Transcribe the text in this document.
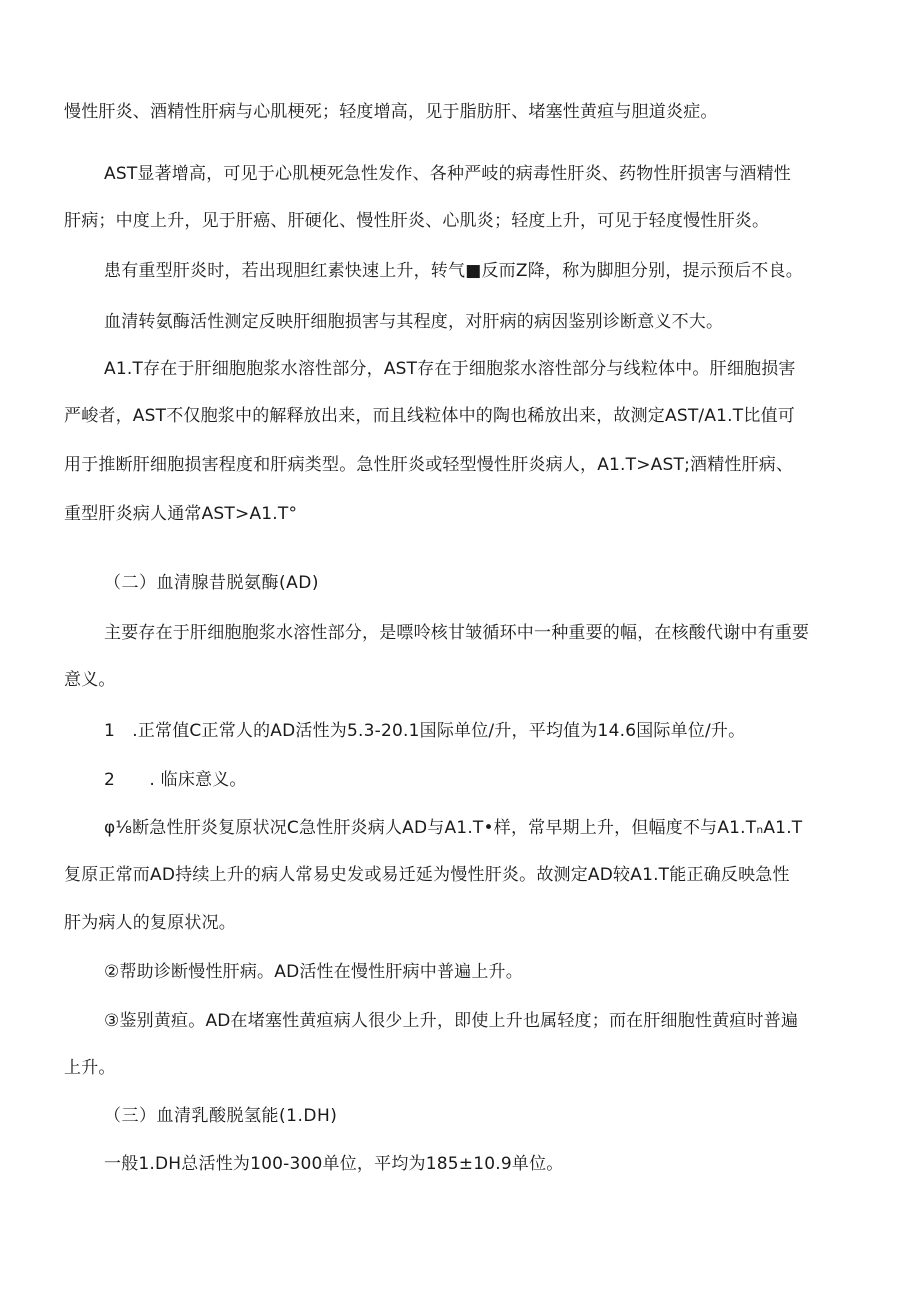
慢性肝炎、酒精性肝病与心肌梗死；轻度增高，见于脂肪肝、堵塞性黄疸与胆道炎症。
AST显著增高，可见于心肌梗死急性发作、各种严岐的病毒性肝炎、药物性肝损害与酒精性
肝病；中度上升，见于肝癌、肝硬化、慢性肝炎、心肌炎；轻度上升，可见于轻度慢性肝炎。
患有重型肝炎时，若出现胆红素快速上升，转气■反而Z降，称为脚胆分别，提示预后不良。
血清转氨酶活性测定反映肝细胞损害与其程度，对肝病的病因鉴别诊断意义不大。
A1.T存在于肝细胞胞浆水溶性部分，AST存在于细胞浆水溶性部分与线粒体中。肝细胞损害
严峻者，AST不仅胞浆中的解释放出来，而且线粒体中的陶也稀放出来，故测定AST/A1.T比值可
用于推断肝细胞损害程度和肝病类型。急性肝炎或轻型慢性肝炎病人，A1.T>AST;酒精性肝病、
重型肝炎病人通常AST>A1.T°
（二）血清腺昔脱氨酶(AD)
主要存在于肝细胞胞浆水溶性部分，是嘌呤核甘皱循环中一种重要的幅，在核酸代谢中有重要
意义。
1　.正常值C正常人的AD活性为5.3-20.1国际单位/升，平均值为14.6国际单位/升。
2　　. 临床意义。
φ⅛断急性肝炎复原状况C急性肝炎病人AD与A1.T•样，常早期上升，但幅度不与A1.TₙA1.T
复原正常而AD持续上升的病人常易史发或易迁延为慢性肝炎。故测定AD较A1.T能正确反映急性
肝为病人的复原状况。
②帮助诊断慢性肝病。AD活性在慢性肝病中普遍上升。
③鉴别黄疸。AD在堵塞性黄疸病人很少上升，即使上升也属轻度；而在肝细胞性黄疸时普遍
上升。
（三）血清乳酸脱氢能(1.DH)
一般1.DH总活性为100-300单位，平均为185±10.9单位。
